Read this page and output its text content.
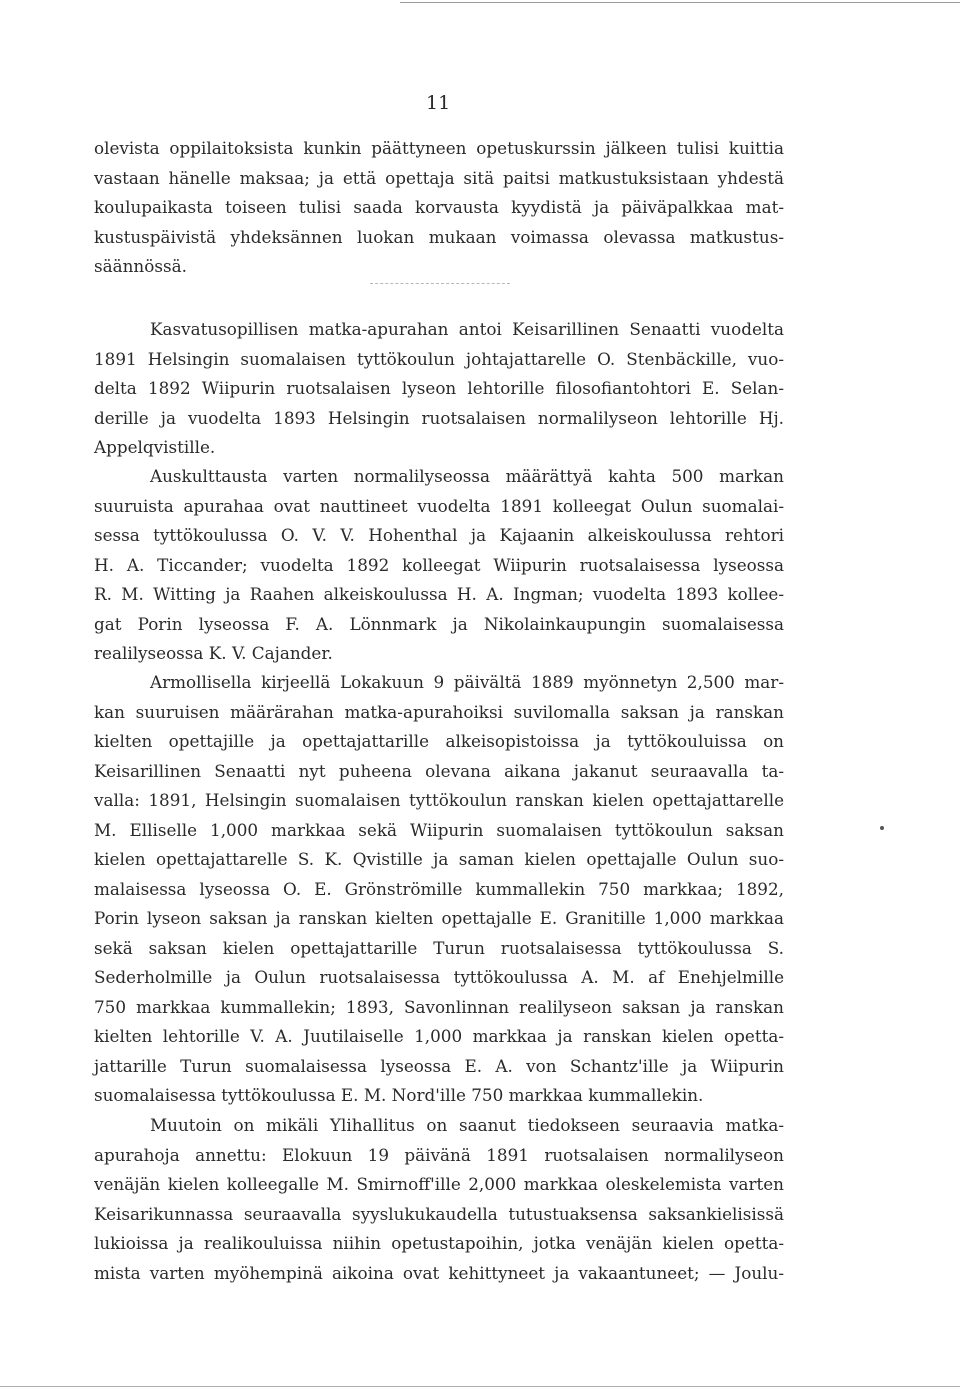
11
olevista oppilaitoksista kunkin päättyneen opetuskurssin jälkeen tulisi kuittia
vastaan hänelle maksaa; ja että opettaja sitä paitsi matkustuksistaan yhdestä
koulupaikasta toiseen tulisi saada korvausta kyydistä ja päiväpalkkaa mat-
kustuspäivistä yhdeksännen luokan mukaan voimassa olevassa matkustus-
säännössä.
Kasvatusopillisen matka-apurahan antoi Keisarillinen Senaatti vuodelta
1891 Helsingin suomalaisen tyttökoulun johtajattarelle O. Stenbäckille, vuo-
delta 1892 Wiipurin ruotsalaisen lyseon lehtorille filosofiantohtori E. Selan-
derille ja vuodelta 1893 Helsingin ruotsalaisen normalilyseon lehtorille Hj.
Appelqvistille.
Auskulttausta varten normalilyseossa määrättyä kahta 500 markan
suuruista apurahaa ovat nauttineet vuodelta 1891 kolleegat Oulun suomalai-
sessa tyttökoulussa O. V. V. Hohenthal ja Kajaanin alkeiskoulussa rehtori
H. A. Ticcander; vuodelta 1892 kolleegat Wiipurin ruotsalaisessa lyseossa
R. M. Witting ja Raahen alkeiskoulussa H. A. Ingman; vuodelta 1893 kollee-
gat Porin lyseossa F. A. Lönnmark ja Nikolainkaupungin suomalaisessa
realilyseossa K. V. Cajander.
Armollisella kirjeellä Lokakuun 9 päivältä 1889 myönnetyn 2,500 mar-
kan suuruisen määrärahan matka-apurahoiksi suvilomalla saksan ja ranskan
kielten opettajille ja opettajattarille alkeisopistoissa ja tyttökouluissa on
Keisarillinen Senaatti nyt puheena olevana aikana jakanut seuraavalla ta-
valla: 1891, Helsingin suomalaisen tyttökoulun ranskan kielen opettajattarelle
M. Elliselle 1,000 markkaa sekä Wiipurin suomalaisen tyttökoulun saksan
kielen opettajattarelle S. K. Qvistille ja saman kielen opettajalle Oulun suo-
malaisessa lyseossa O. E. Grönströmille kummallekin 750 markkaa; 1892,
Porin lyseon saksan ja ranskan kielten opettajalle E. Granitille 1,000 markkaa
sekä saksan kielen opettajattarille Turun ruotsalaisessa tyttökoulussa S.
Sederholmille ja Oulun ruotsalaisessa tyttökoulussa A. M. af Enehjelmille
750 markkaa kummallekin; 1893, Savonlinnan realilyseon saksan ja ranskan
kielten lehtorille V. A. Juutilaiselle 1,000 markkaa ja ranskan kielen opetta-
jattarille Turun suomalaisessa lyseossa E. A. von Schantz'ille ja Wiipurin
suomalaisessa tyttökoulussa E. M. Nord'ille 750 markkaa kummallekin.
Muutoin on mikäli Ylihallitus on saanut tiedokseen seuraavia matka-
apurahoja annettu: Elokuun 19 päivänä 1891 ruotsalaisen normalilyseon
venäjän kielen kolleegalle M. Smirnoff'ille 2,000 markkaa oleskelemista varten
Keisarikunnassa seuraavalla syyslukukaudella tutustuaksensa saksankielisissä
lukioissa ja realikouluissa niihin opetustapoihin, jotka venäjän kielen opetta-
mista varten myöhempinä aikoina ovat kehittyneet ja vakaantuneet; — Joulu-
